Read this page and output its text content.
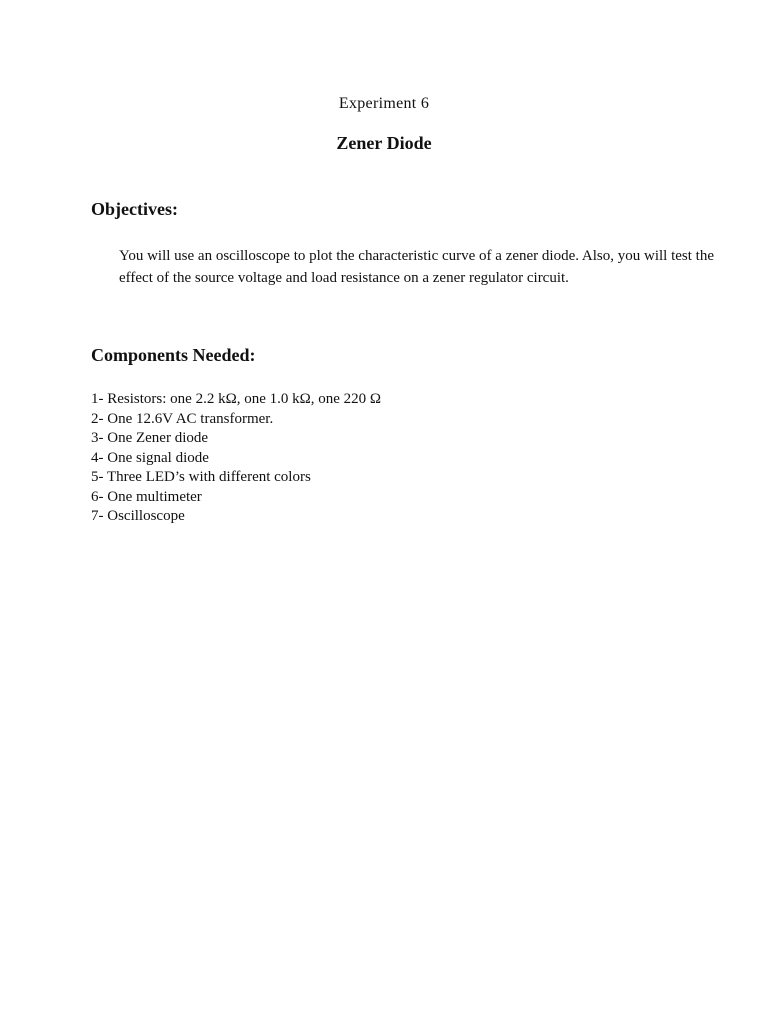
Experiment 6
Zener Diode
Objectives:
You will use an oscilloscope to plot the characteristic curve of a zener diode. Also, you will test the effect of the source voltage and load resistance on a zener regulator circuit.
Components Needed:
1- Resistors: one 2.2 kΩ, one 1.0 kΩ, one 220 Ω
2- One 12.6V AC transformer.
3- One Zener diode
4- One signal diode
5- Three LED’s with different colors
6- One multimeter
7- Oscilloscope
